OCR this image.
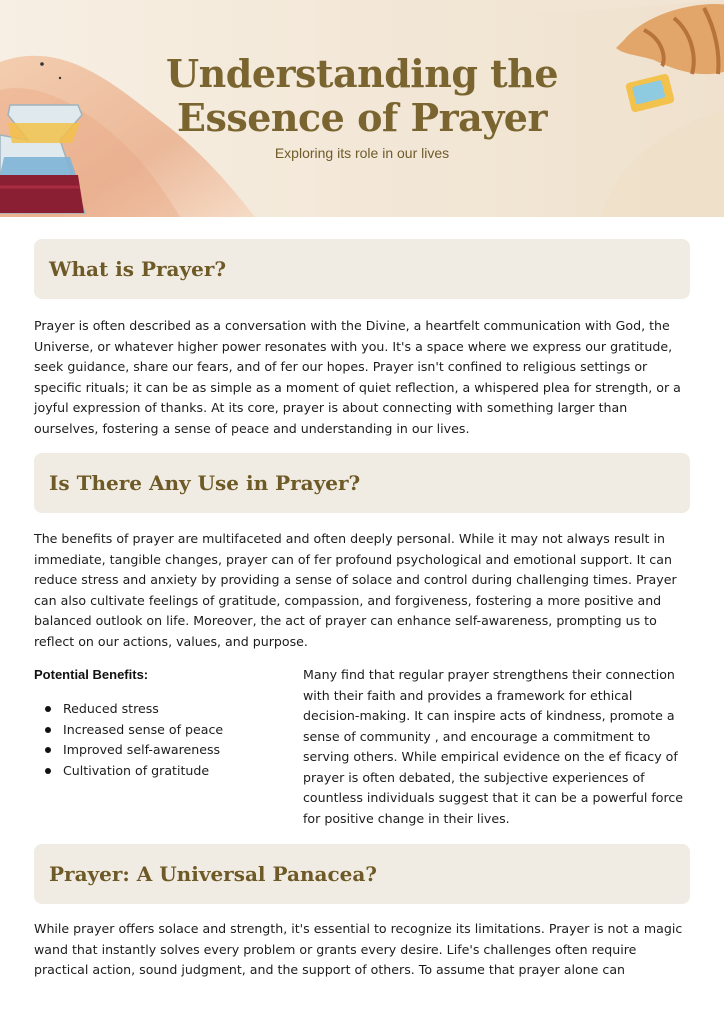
Understanding the
Essence of Prayer
Exploring its role in our lives
What is Prayer?

Prayer is often described as a conversation with the Divine, a heartfelt communication with God, the Universe, or whatever higher power resonates with you. It's a space where we express our gratitude, seek guidance, share our fears, and of fer our hopes. Prayer isn't confined to religious settings or specific rituals; it can be as simple as a moment of quiet reflection, a whispered plea for strength, or a joyful expression of thanks. At its core, prayer is about connecting with something larger than ourselves, fostering a sense of peace and understanding in our lives.

Is There Any Use in Prayer?

The benefits of prayer are multifaceted and often deeply personal. While it may not always result in immediate, tangible changes, prayer can of fer profound psychological and emotional support. It can reduce stress and anxiety by providing a sense of solace and control during challenging times. Prayer can also cultivate feelings of gratitude, compassion, and forgiveness, fostering a more positive and balanced outlook on life. Moreover, the act of prayer can enhance self-awareness, prompting us to reflect on our actions, values, and purpose.

Potential Benefits:
Reduced stress
Increased sense of peace
Improved self-awareness
Cultivation of gratitude

Many find that regular prayer strengthens their connection with their faith and provides a framework for ethical decision-making. It can inspire acts of kindness, promote a sense of community , and encourage a commitment to serving others. While empirical evidence on the ef ficacy of prayer is often debated, the subjective experiences of countless individuals suggest that it can be a powerful force for positive change in their lives.

Prayer: A Universal Panacea?

While prayer offers solace and strength, it's essential to recognize its limitations. Prayer is not a magic wand that instantly solves every problem or grants every desire. Life's challenges often require practical action, sound judgment, and the support of others. To assume that prayer alone can
